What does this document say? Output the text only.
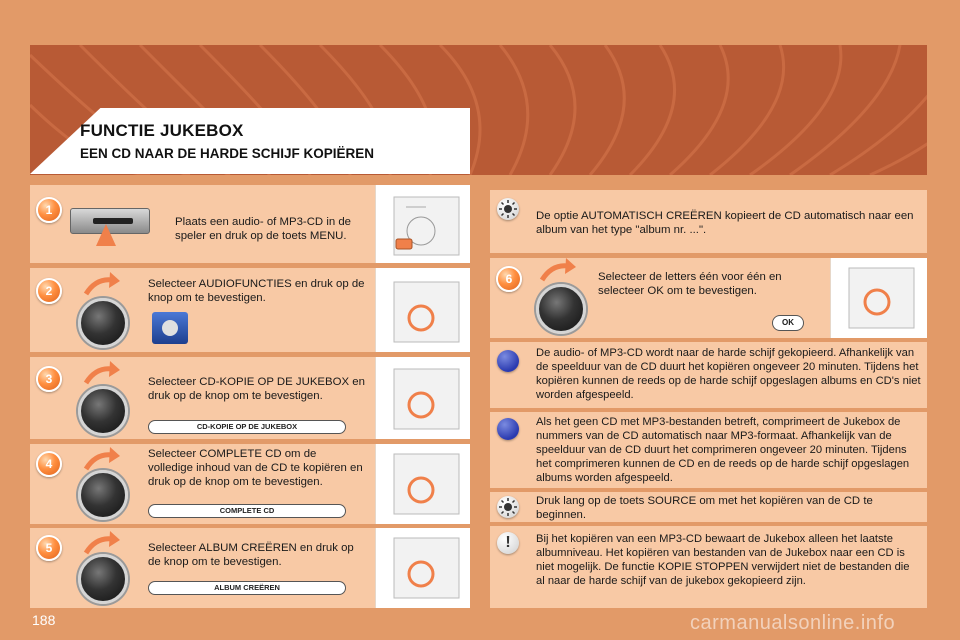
FUNCTIE JUKEBOX
EEN CD NAAR DE HARDE SCHIJF KOPIËREN
1
Plaats een audio- of MP3-CD in de speler en druk op de toets MENU.
2	Selecteer AUDIOFUNCTIES en druk op de knop om te bevestigen.
3	Selecteer CD-KOPIE OP DE JUKEBOX en druk op de knop om te bevestigen.
CD-KOPIE OP DE JUKEBOX
4
Selecteer COMPLETE CD om de volledige inhoud van de CD te kopiëren en druk op de knop om te bevestigen.
COMPLETE CD
5	Selecteer ALBUM CREËREN en druk op de knop om te bevestigen.
ALBUM CREËREN
De optie AUTOMATISCH CREËREN kopieert de CD automatisch naar een album van het type "album nr. ...".
6	Selecteer de letters één voor één en selecteer OK om te bevestigen.
OK
De audio- of MP3-CD wordt naar de harde schijf gekopieerd. Afhankelijk van de speelduur van de CD duurt het kopiëren ongeveer 20 minuten. Tijdens het kopiëren kunnen de reeds op de harde schijf opgeslagen albums en CD's niet worden afgespeeld.
Als het geen CD met MP3-bestanden betreft, comprimeert de Jukebox de nummers van de CD automatisch naar MP3-formaat. Afhankelijk van de speelduur van de CD duurt het comprimeren ongeveer 20 minuten. Tijdens het comprimeren kunnen de CD en de reeds op de harde schijf opgeslagen albums worden afgespeeld.
Druk lang op de toets SOURCE om met het kopiëren van de CD te beginnen.
!	Bij het kopiëren van een MP3-CD bewaart de Jukebox alleen het laatste albumniveau. Het kopiëren van bestanden van de Jukebox naar een CD is niet mogelijk. De functie KOPIE STOPPEN verwijdert niet de bestanden die al naar de harde schijf van de jukebox gekopieerd zijn.
188	carmanualsonline.info
